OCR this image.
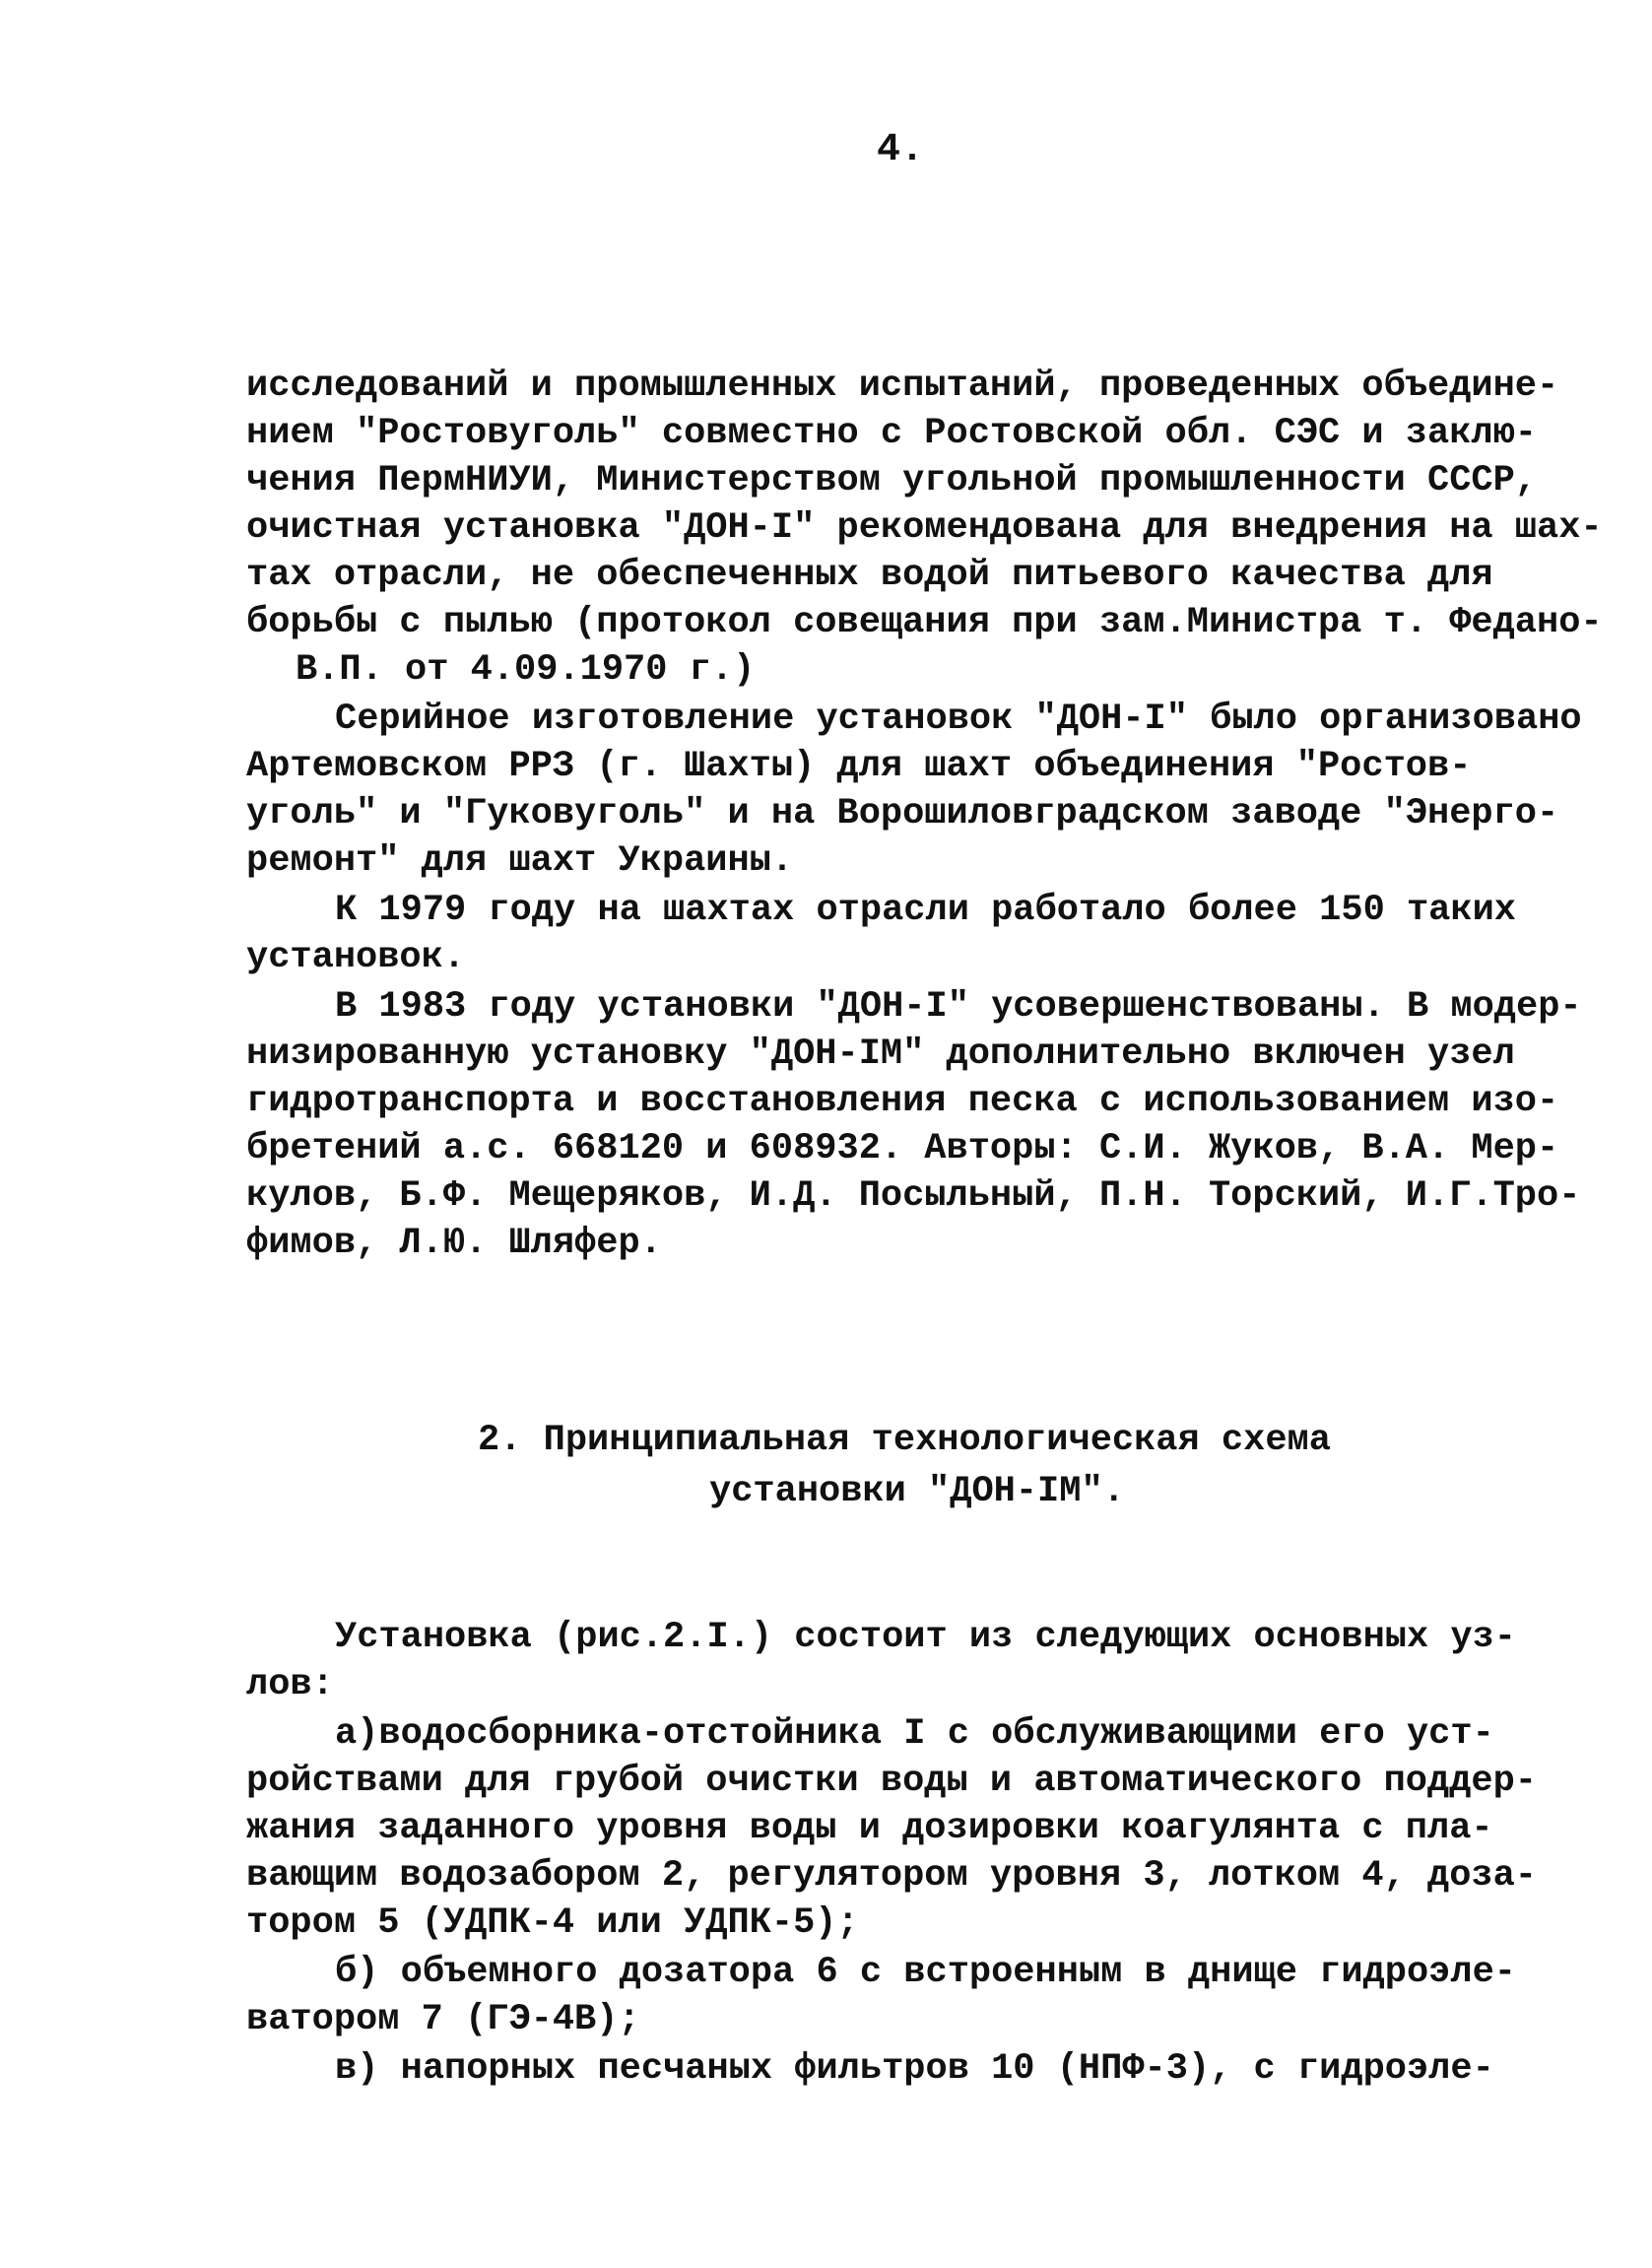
4.
исследований и промышленных испытаний, проведенных объедине-
нием "Ростовуголь" совместно с Ростовской обл. СЭС и заклю-
чения ПермНИУИ, Министерством угольной промышленности СССР,
очистная установка "ДОН-I" рекомендована для внедрения на шах-
тах отрасли, не обеспеченных водой питьевого качества для
борьбы с пылью (протокол совещания при зам.Министра т. Федано-
В.П. от 4.09.1970 г.)
Серийное изготовление установок "ДОН-I" было организовано
Артемовском РРЗ (г. Шахты) для шахт объединения "Ростов-
уголь" и "Гуковуголь" и на Ворошиловградском заводе "Энерго-
ремонт" для шахт Украины.
К 1979 году на шахтах отрасли работало более 150 таких
установок.
В 1983 году установки "ДОН-I" усовершенствованы. В модер-
низированную установку "ДОН-IМ" дополнительно включен узел
гидротранспорта и восстановления песка с использованием изо-
бретений а.с. 668120 и 608932. Авторы: С.И. Жуков, В.А. Мер-
кулов, Б.Ф. Мещеряков, И.Д. Посыльный, П.Н. Торский, И.Г.Тро-
фимов, Л.Ю. Шляфер.
2. Принципиальная технологическая схема
установки "ДОН-IМ".
Установка (рис.2.I.) состоит из следующих основных уз-
лов:
а)водосборника-отстойника I с обслуживающими его уст-
ройствами для грубой очистки воды и автоматического поддер-
жания заданного уровня воды и дозировки коагулянта с пла-
вающим водозабором 2, регулятором уровня 3, лотком 4, доза-
тором 5 (УДПК-4 или УДПК-5);
б) объемного дозатора 6 с встроенным в днище гидроэле-
ватором 7 (ГЭ-4В);
в) напорных песчаных фильтров 10 (НПФ-3), с гидроэле-
